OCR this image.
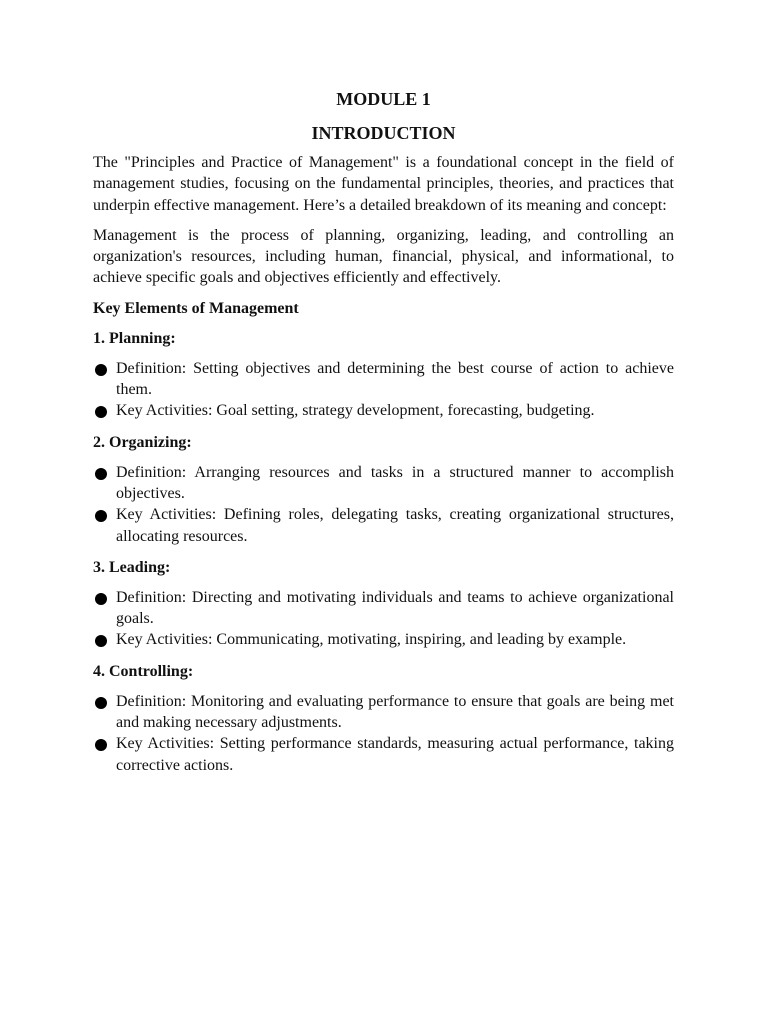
MODULE 1
INTRODUCTION

The "Principles and Practice of Management" is a foundational concept in the field of management studies, focusing on the fundamental principles, theories, and practices that underpin effective management. Here’s a detailed breakdown of its meaning and concept:

Management is the process of planning, organizing, leading, and controlling an organization's resources, including human, financial, physical, and informational, to achieve specific goals and objectives efficiently and effectively.

Key Elements of Management
1. Planning:
Definition: Setting objectives and determining the best course of action to achieve them.
Key Activities: Goal setting, strategy development, forecasting, budgeting.
2. Organizing:
Definition: Arranging resources and tasks in a structured manner to accomplish objectives.
Key Activities: Defining roles, delegating tasks, creating organizational structures, allocating resources.
3. Leading:
Definition: Directing and motivating individuals and teams to achieve organizational goals.
Key Activities: Communicating, motivating, inspiring, and leading by example.
4. Controlling:
Definition: Monitoring and evaluating performance to ensure that goals are being met and making necessary adjustments.
Key Activities: Setting performance standards, measuring actual performance, taking corrective actions.
